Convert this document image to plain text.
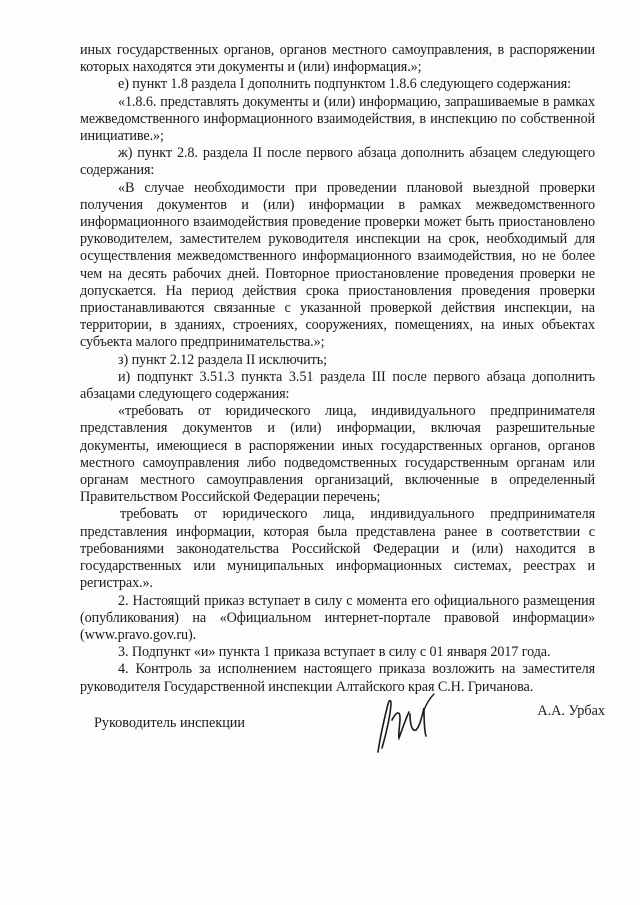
иных государственных органов, органов местного самоуправления, в распоряжении которых находятся эти документы и (или) информация.»;

е) пункт 1.8 раздела I дополнить подпунктом 1.8.6 следующего содержания:

«1.8.6. представлять документы и (или) информацию, запрашиваемые в рамках межведомственного информационного взаимодействия, в инспекцию по собственной инициативе.»;

ж) пункт 2.8. раздела II после первого абзаца дополнить абзацем следующего содержания:

«В случае необходимости при проведении плановой выездной проверки получения документов и (или) информации в рамках межведомственного информационного взаимодействия проведение проверки может быть приостановлено руководителем, заместителем руководителя инспекции на срок, необходимый для осуществления межведомственного информационного взаимодействия, но не более чем на десять рабочих дней. Повторное приостановление проведения проверки не допускается. На период действия срока приостановления проведения проверки приостанавливаются связанные с указанной проверкой действия инспекции, на территории, в зданиях, строениях, сооружениях, помещениях, на иных объектах субъекта малого предпринимательства.»;

з) пункт 2.12 раздела II исключить;

и) подпункт 3.51.3 пункта 3.51 раздела III после первого абзаца дополнить абзацами следующего содержания:

«требовать от юридического лица, индивидуального предпринимателя представления документов и (или) информации, включая разрешительные документы, имеющиеся в распоряжении иных государственных органов, органов местного самоуправления либо подведомственных государственным органам или органам местного самоуправления организаций, включенные в определенный Правительством Российской Федерации перечень;

требовать от юридического лица, индивидуального предпринимателя представления информации, которая была представлена ранее в соответствии с требованиями законодательства Российской Федерации и (или) находится в государственных или муниципальных информационных системах, реестрах и регистрах.».

2. Настоящий приказ вступает в силу с момента его официального размещения (опубликования) на «Официальном интернет-портале правовой информации» (www.pravo.gov.ru).

3. Подпункт «и» пункта 1 приказа вступает в силу с 01 января 2017 года.

4. Контроль за исполнением настоящего приказа возложить на заместителя руководителя Государственной инспекции Алтайского края С.Н. Гричанова.

Руководитель инспекции
А.А. Урбах
